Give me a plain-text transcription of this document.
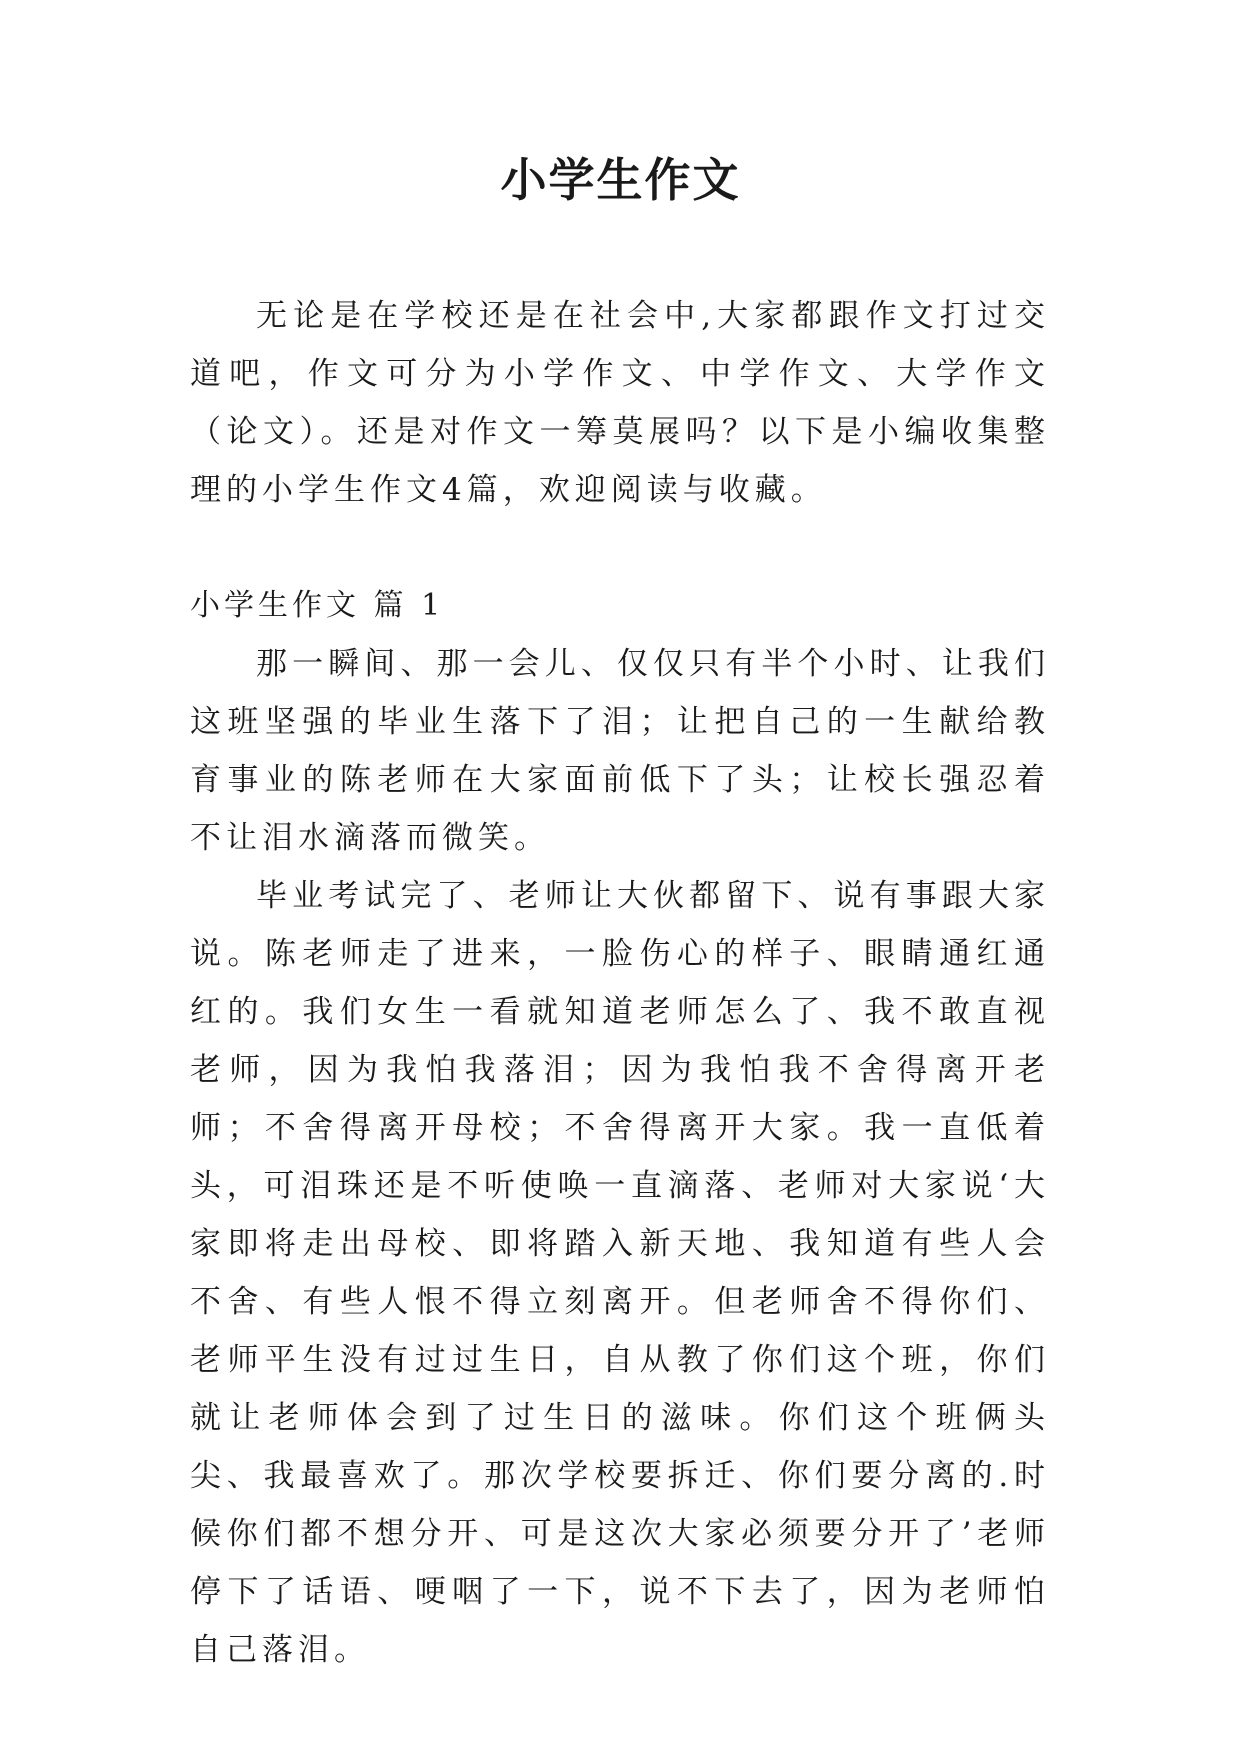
小学生作文
无论是在学校还是在社会中,大家都跟作文打过交道吧，作文可分为小学作文、中学作文、大学作文（论文）。还是对作文一筹莫展吗？以下是小编收集整理的小学生作文4篇，欢迎阅读与收藏。
小学生作文 篇 1

那一瞬间、那一会儿、仅仅只有半个小时、让我们这班坚强的毕业生落下了泪；让把自己的一生献给教育事业的陈老师在大家面前低下了头；让校长强忍着不让泪水滴落而微笑。

毕业考试完了、老师让大伙都留下、说有事跟大家说。陈老师走了进来，一脸伤心的样子、眼睛通红通红的。我们女生一看就知道老师怎么了、我不敢直视老师，因为我怕我落泪；因为我怕我不舍得离开老师；不舍得离开母校；不舍得离开大家。我一直低着头，可泪珠还是不听使唤一直滴落、老师对大家说‘大家即将走出母校、即将踏入新天地、我知道有些人会不舍、有些人恨不得立刻离开。但老师舍不得你们、老师平生没有过过生日，自从教了你们这个班，你们就让老师体会到了过生日的滋味。你们这个班俩头尖、我最喜欢了。那次学校要拆迁、你们要分离的.时候你们都不想分开、可是这次大家必须要分开了’老师停下了话语、哽咽了一下，说不下去了，因为老师怕自己落泪。
